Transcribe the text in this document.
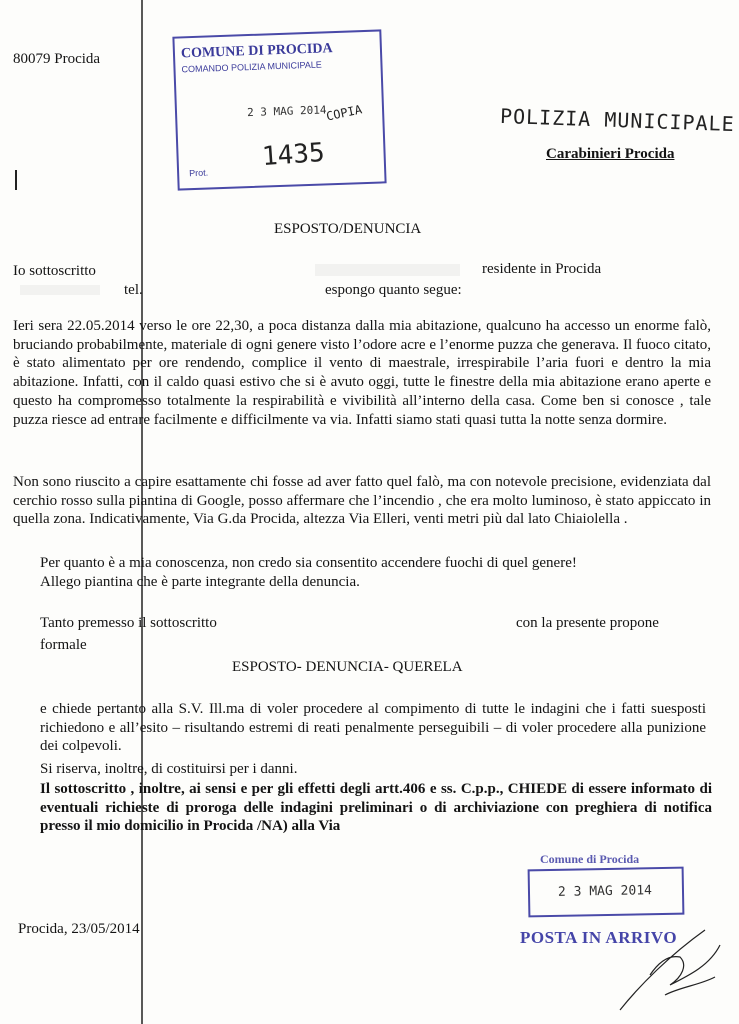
80079 Procida	COMUNE DI PROCIDA
COMANDO POLIZIA MUNICIPALE
2 3 MAG 2014
Prot.
COPIA
1435
POLIZIA MUNICIPALE
Carabinieri Procida
ESPOSTO/DENUNCIA
Io sottoscritto	residente in Procida
tel.	espongo quanto segue:
Ieri sera 22.05.2014 verso le ore 22,30, a poca distanza dalla mia abitazione, qualcuno ha accesso un enorme falò, bruciando probabilmente, materiale di ogni genere visto l’odore acre e l’enorme puzza che generava. Il fuoco citato, è stato alimentato per ore rendendo, complice il vento di maestrale, irrespirabile l’aria fuori e dentro la mia abitazione. Infatti, con il caldo quasi estivo che si è avuto oggi, tutte le finestre della mia abitazione erano aperte e questo ha compromesso totalmente la respirabilità e vivibilità all’interno della casa. Come ben si conosce , tale puzza riesce ad entrare facilmente e difficilmente va via. Infatti siamo stati quasi tutta la notte senza dormire.
Non sono riuscito a capire esattamente chi fosse ad aver fatto quel falò, ma con notevole precisione, evidenziata dal cerchio rosso sulla piantina di Google, posso affermare che l’incendio , che era molto luminoso, è stato appiccato in quella zona. Indicativamente, Via G.da Procida, altezza Via Elleri, venti metri più dal lato Chiaiolella .
Per quanto è a mia conoscenza, non credo sia consentito accendere fuochi di quel genere!
Allego piantina che è parte integrante della denuncia.
Tanto premesso il sottoscritto	con la presente propone
formale
ESPOSTO- DENUNCIA- QUERELA
e chiede pertanto alla S.V. Ill.ma di voler procedere al compimento di tutte le indagini che i fatti suesposti richiedono e all’esito – risultando estremi di reati penalmente perseguibili – di voler procedere alla punizione dei colpevoli.
Si riserva, inoltre, di costituirsi per i danni.
Il sottoscritto , inoltre, ai sensi e per gli effetti degli artt.406 e ss. C.p.p., CHIEDE di essere informato di eventuali richieste di proroga delle indagini preliminari o di archiviazione con preghiera di notifica presso il mio domicilio in Procida /NA) alla Via
Comune di Procida
2 3 MAG 2014
POSTA IN ARRIVO
Procida, 23/05/2014
